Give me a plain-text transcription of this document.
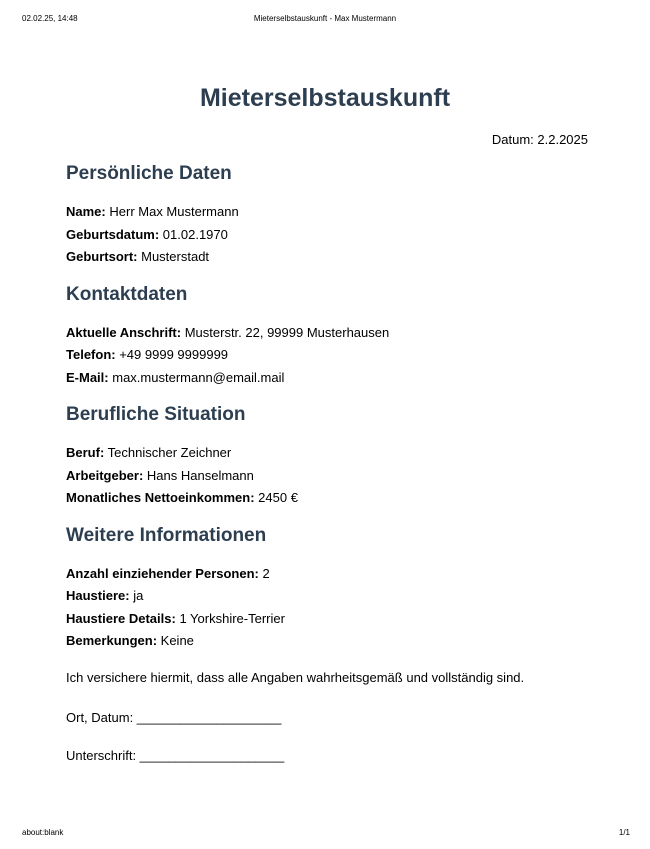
02.02.25, 14:48	Mieterselbstauskunft - Max Mustermann
Mieterselbstauskunft
Datum: 2.2.2025
Persönliche Daten
Name: Herr Max Mustermann
Geburtsdatum: 01.02.1970
Geburtsort: Musterstadt
Kontaktdaten
Aktuelle Anschrift: Musterstr. 22, 99999 Musterhausen
Telefon: +49 9999 9999999
E-Mail: max.mustermann@email.mail
Berufliche Situation
Beruf: Technischer Zeichner
Arbeitgeber: Hans Hanselmann
Monatliches Nettoeinkommen: 2450 €
Weitere Informationen
Anzahl einziehender Personen: 2
Haustiere: ja
Haustiere Details: 1 Yorkshire-Terrier
Bemerkungen: Keine
Ich versichere hiermit, dass alle Angaben wahrheitsgemäß und vollständig sind.
Ort, Datum: ____________________
Unterschrift: ____________________
about:blank	1/1
